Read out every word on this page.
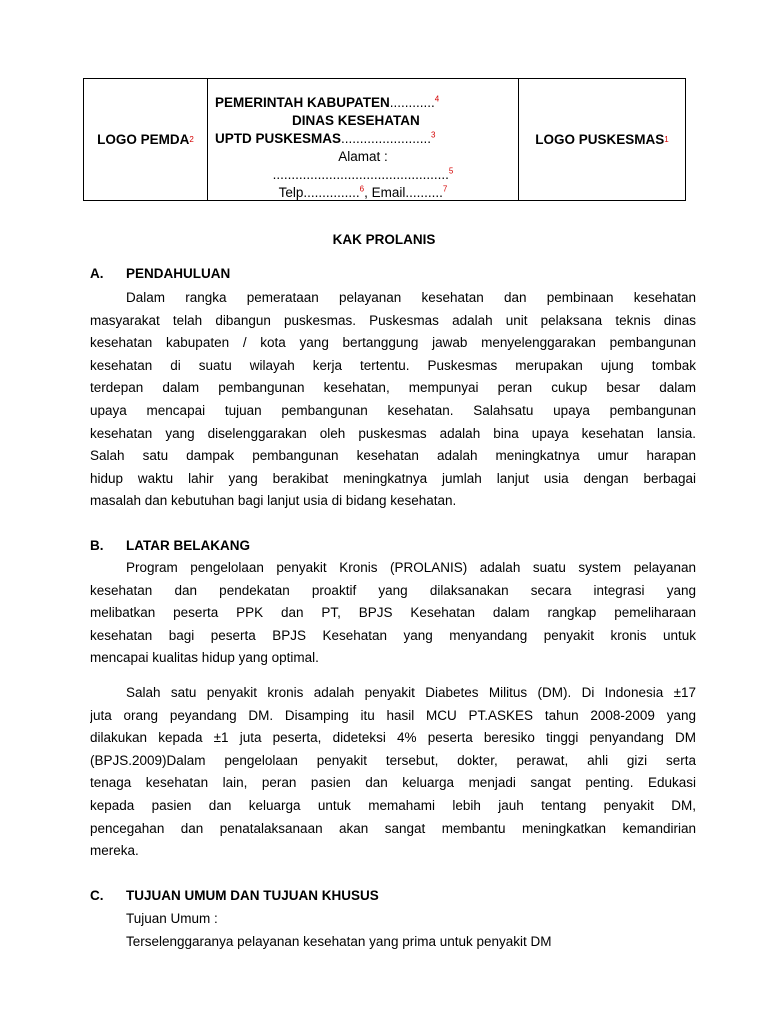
LOGO PEMDA 2
PEMERINTAH KABUPATEN............$^4$
DINAS KESEHATAN
UPTD PUSKESMAS........................$^3$
Alamat :
...............................................$^5$
Telp...............$^6$, Email..........$^7$
LOGO PUSKESMAS 1
KAK PROLANIS
A. PENDAHULUAN
Dalam rangka pemerataan pelayanan kesehatan dan pembinaan kesehatan
masyarakat telah dibangun puskesmas. Puskesmas adalah unit pelaksana teknis dinas
kesehatan kabupaten / kota yang bertanggung jawab menyelenggarakan pembangunan
kesehatan di suatu wilayah kerja tertentu. Puskesmas merupakan ujung tombak
terdepan dalam pembangunan kesehatan, mempunyai peran cukup besar dalam
upaya mencapai tujuan pembangunan kesehatan. Salahsatu upaya pembangunan
kesehatan yang diselenggarakan oleh puskesmas adalah bina upaya kesehatan lansia.
Salah satu dampak pembangunan kesehatan adalah meningkatnya umur harapan
hidup waktu lahir yang berakibat meningkatnya jumlah lanjut usia dengan berbagai
masalah dan kebutuhan bagi lanjut usia di bidang kesehatan.
B. LATAR BELAKANG
Program pengelolaan penyakit Kronis (PROLANIS) adalah suatu system pelayanan
kesehatan dan pendekatan proaktif yang dilaksanakan secara integrasi yang
melibatkan peserta PPK dan PT, BPJS Kesehatan dalam rangkap pemeliharaan
kesehatan bagi peserta BPJS Kesehatan yang menyandang penyakit kronis untuk
mencapai kualitas hidup yang optimal.
Salah satu penyakit kronis adalah penyakit Diabetes Militus (DM). Di Indonesia ±17
juta orang peyandang DM. Disamping itu hasil MCU PT.ASKES tahun 2008-2009 yang
dilakukan kepada ±1 juta peserta, dideteksi 4% peserta beresiko tinggi penyandang DM
(BPJS.2009)Dalam pengelolaan penyakit tersebut, dokter, perawat, ahli gizi serta
tenaga kesehatan lain, peran pasien dan keluarga menjadi sangat penting. Edukasi
kepada pasien dan keluarga untuk memahami lebih jauh tentang penyakit DM,
pencegahan dan penatalaksanaan akan sangat membantu meningkatkan kemandirian
mereka.
C. TUJUAN UMUM DAN TUJUAN KHUSUS
Tujuan Umum :
Terselenggaranya pelayanan kesehatan yang prima untuk penyakit DM
